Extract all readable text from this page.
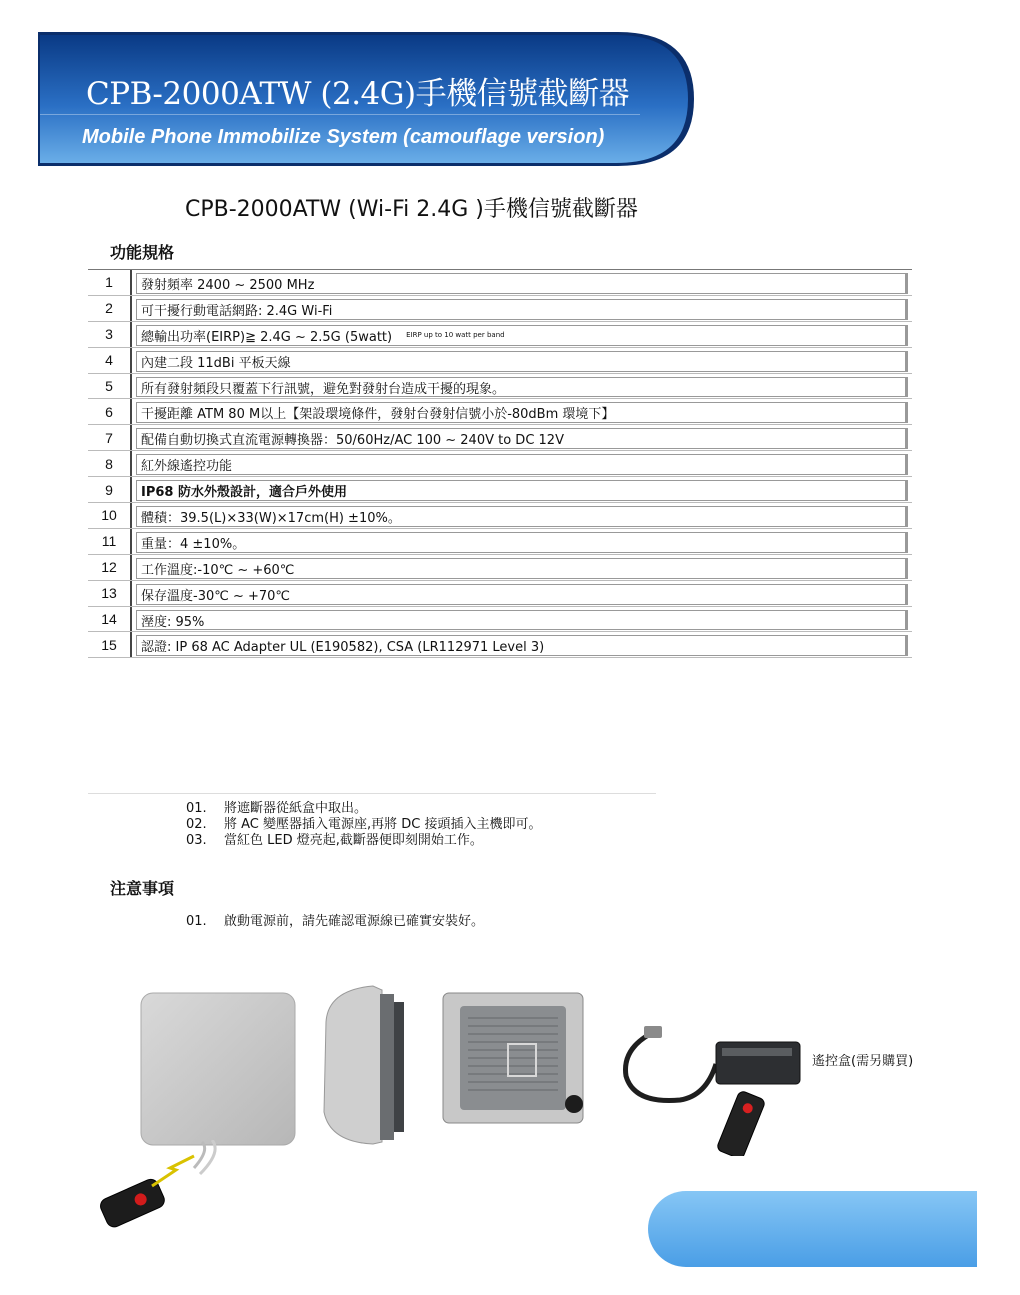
CPB-2000ATW (2.4G)手機信號截斷器
Mobile Phone Immobilize System (camouflage version)
CPB-2000ATW (Wi-Fi 2.4G )手機信號截斷器
功能規格
1	發射頻率 2400 ~ 2500 MHz
2	可干擾行動電話網路: 2.4G Wi-Fi
3	總輸出功率(EIRP)≧ 2.4G ~ 2.5G (5watt) EIRP up to 10 watt per band
4	內建二段 11dBi 平板天線
5	所有發射頻段只覆蓋下行訊號，避免對發射台造成干擾的現象。
6	干擾距離 ATM 80 M以上【架設環境條件，發射台發射信號小於-80dBm 環境下】
7	配備自動切換式直流電源轉換器：50/60Hz/AC 100 ~ 240V to DC 12V
8	紅外線遙控功能
9	IP68 防水外殼設計，適合戶外使用
10	體積：39.5(L)×33(W)×17cm(H) ±10%。
11	重量：4 ±10%。
12	工作溫度:-10℃ ~ +60℃
13	保存溫度-30℃ ~ +70℃
14	溼度: 95%
15	認證: IP 68 AC Adapter UL (E190582), CSA (LR112971 Level 3)
01.	將遮斷器從紙盒中取出。
02.	將 AC 變壓器插入電源座,再將 DC 接頭插入主機即可。
03.	當紅色 LED 燈亮起,截斷器便即刻開始工作。
注意事項
01.	啟動電源前，請先確認電源線已確實安裝好。
遙控盒(需另購買)
